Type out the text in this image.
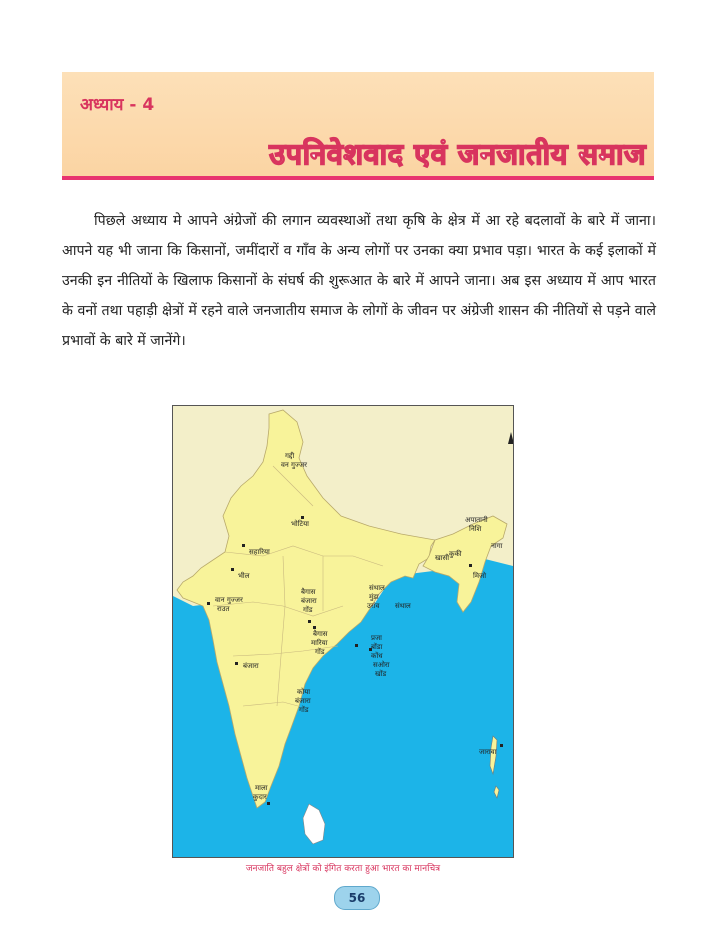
अध्याय - 4
उपनिवेशवाद एवं जनजातीय समाज

पिछले अध्याय मे आपने अंग्रेजों की लगान व्यवस्थाओं तथा कृषि के क्षेत्र में आ रहे बदलावों के बारे में जाना। आपने यह भी जाना कि किसानों, जमींदारों व गाँव के अन्य लोगों पर उनका क्या प्रभाव पड़ा। भारत के कई इलाकों में उनकी इन नीतियों के खिलाफ किसानों के संघर्ष की शुरूआत के बारे में आपने जाना। अब इस अध्याय में आप भारत के वनों तथा पहाड़ी क्षेत्रों में रहने वाले जनजातीय समाज के लोगों के जीवन पर अंग्रेजी शासन की नीतियों से पड़ने वाले प्रभावों के बारे में जानेंगे।

गद्दी
वन गुज्जर
भोटिया
सहारिया
भील
वान गुज्जर
राउत
बैगास
बंजारा
गोंड
बैगास
मारिया
गोंड
संथाल
मुंडा
उरांव संथाल
बंजारा
कोया
बंजारा
गोंड
प्रजा
बोंडा
कोंध
सओरा
खोंड
माला
कुदार
अपातानी
निशि
नागा
खासी कुकी
मिजो
जारावा
जनजाति बहुल क्षेत्रों को इंगित करता हुआ भारत का मानचित्र
56
